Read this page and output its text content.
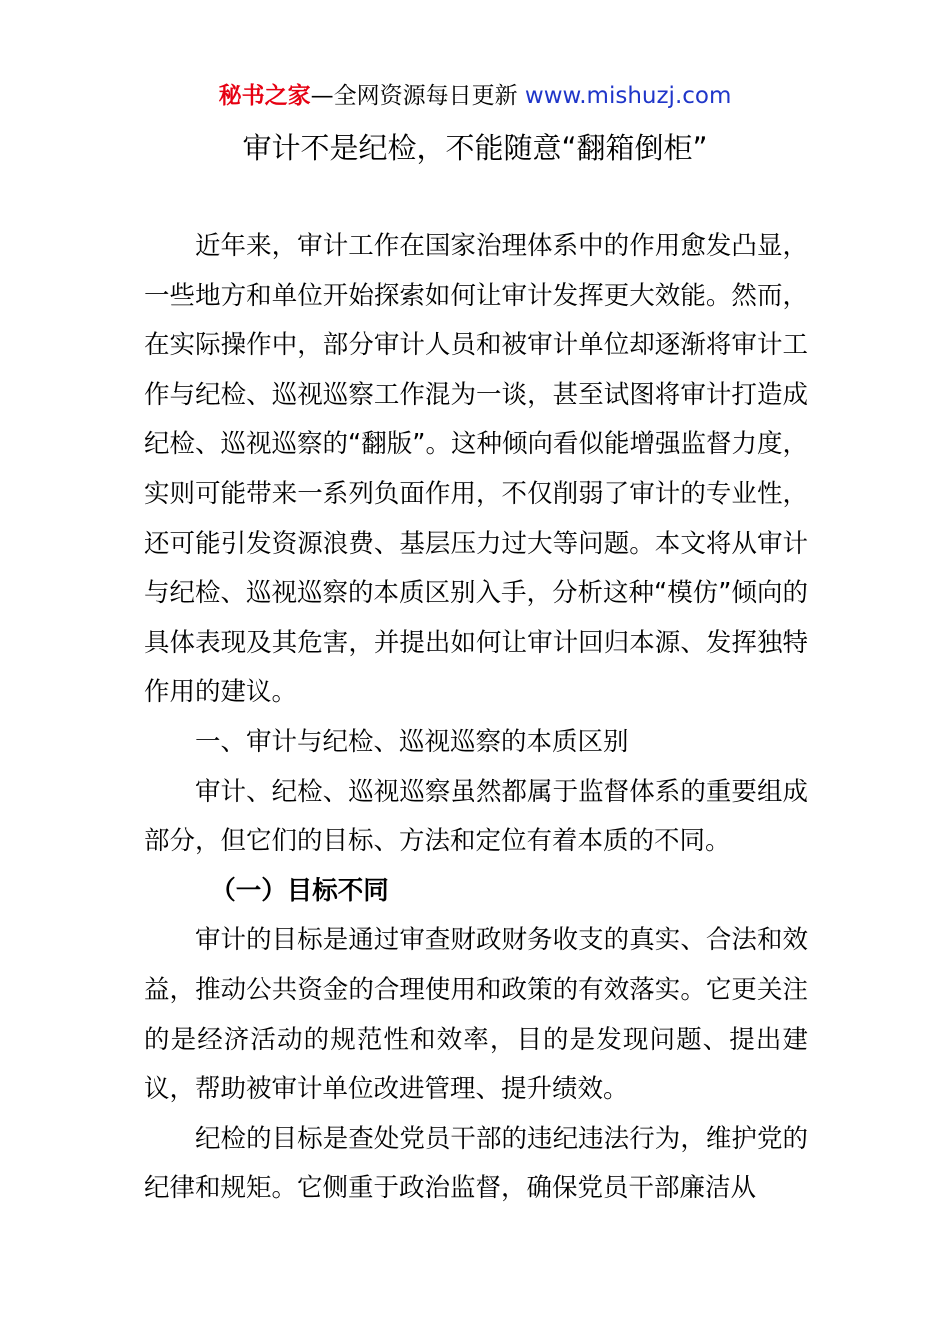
秘书之家—全网资源每日更新 www.mishuzj.com
审计不是纪检，不能随意“翻箱倒柜”

近年来，审计工作在国家治理体系中的作用愈发凸显，一些地方和单位开始探索如何让审计发挥更大效能。然而，在实际操作中，部分审计人员和被审计单位却逐渐将审计工作与纪检、巡视巡察工作混为一谈，甚至试图将审计打造成纪检、巡视巡察的“翻版”。这种倾向看似能增强监督力度，实则可能带来一系列负面作用，不仅削弱了审计的专业性，还可能引发资源浪费、基层压力过大等问题。本文将从审计与纪检、巡视巡察的本质区别入手，分析这种“模仿”倾向的具体表现及其危害，并提出如何让审计回归本源、发挥独特作用的建议。

一、审计与纪检、巡视巡察的本质区别

审计、纪检、巡视巡察虽然都属于监督体系的重要组成部分，但它们的目标、方法和定位有着本质的不同。

（一）目标不同

审计的目标是通过审查财政财务收支的真实、合法和效益，推动公共资金的合理使用和政策的有效落实。它更关注的是经济活动的规范性和效率，目的是发现问题、提出建议，帮助被审计单位改进管理、提升绩效。

纪检的目标是查处党员干部的违纪违法行为，维护党的纪律和规矩。它侧重于政治监督，确保党员干部廉洁从
